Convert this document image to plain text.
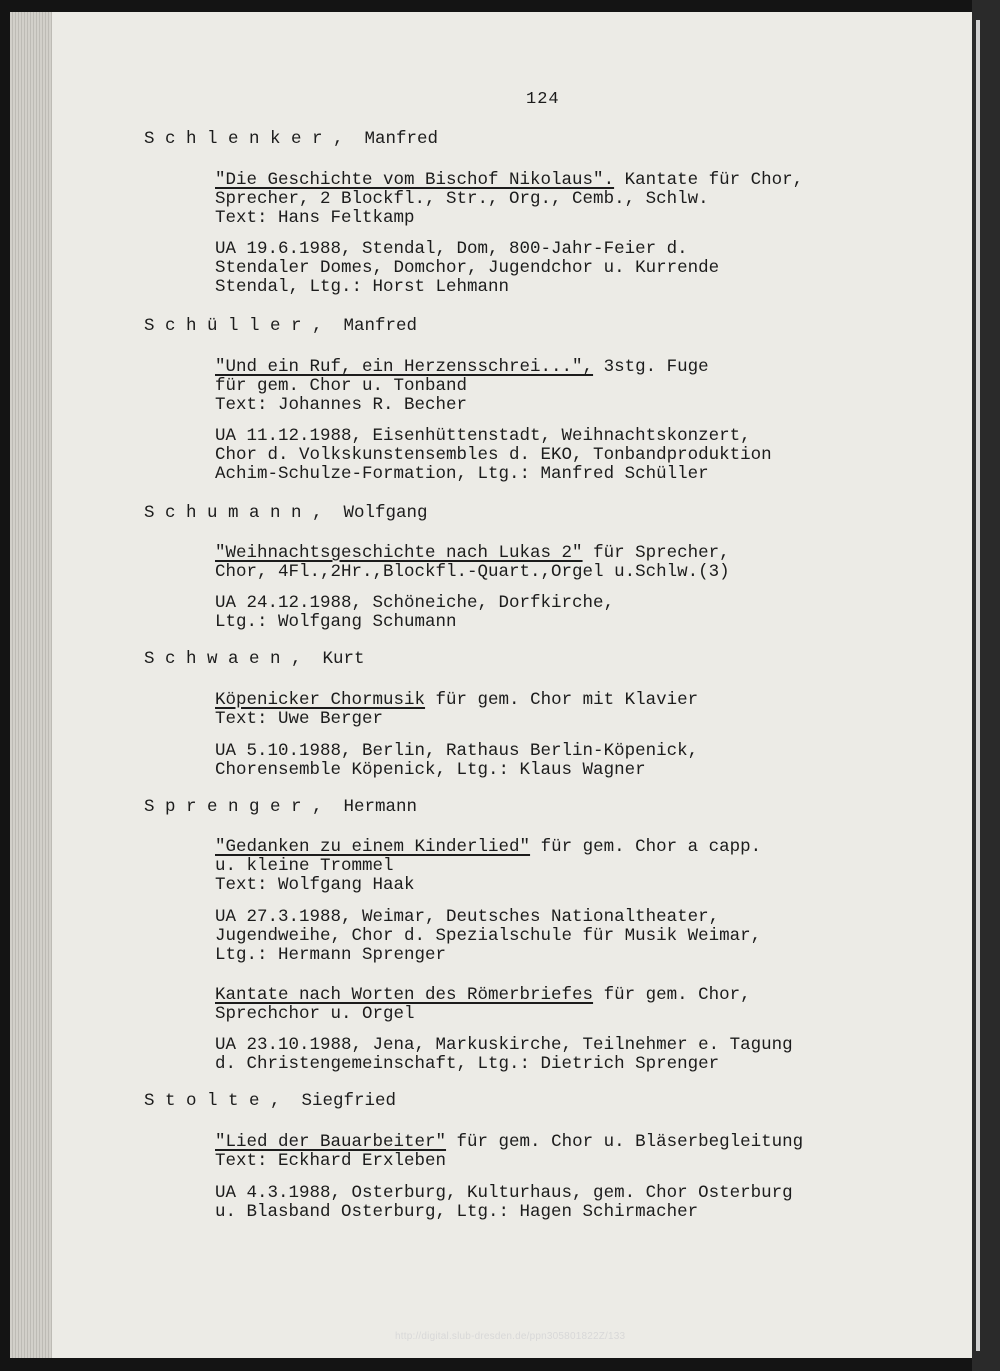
124
S c h l e n k e r ,  Manfred
"Die Geschichte vom Bischof Nikolaus". Kantate für Chor,
Sprecher, 2 Blockfl., Str., Org., Cemb., Schlw.
Text: Hans Feltkamp
UA 19.6.1988, Stendal, Dom, 800-Jahr-Feier d.
Stendaler Domes, Domchor, Jugendchor u. Kurrende
Stendal, Ltg.: Horst Lehmann
S c h ü l l e r ,  Manfred
"Und ein Ruf, ein Herzensschrei...", 3stg. Fuge
für gem. Chor u. Tonband
Text: Johannes R. Becher
UA 11.12.1988, Eisenhüttenstadt, Weihnachtskonzert,
Chor d. Volkskunstensembles d. EKO, Tonbandproduktion
Achim-Schulze-Formation, Ltg.: Manfred Schüller
S c h u m a n n ,  Wolfgang
"Weihnachtsgeschichte nach Lukas 2" für Sprecher,
Chor, 4Fl.,2Hr.,Blockfl.-Quart.,Orgel u.Schlw.(3)
UA 24.12.1988, Schöneiche, Dorfkirche,
Ltg.: Wolfgang Schumann
S c h w a e n ,  Kurt
Köpenicker Chormusik für gem. Chor mit Klavier
Text: Uwe Berger
UA 5.10.1988, Berlin, Rathaus Berlin-Köpenick,
Chorensemble Köpenick, Ltg.: Klaus Wagner
S p r e n g e r ,  Hermann
"Gedanken zu einem Kinderlied" für gem. Chor a capp.
u. kleine Trommel
Text: Wolfgang Haak
UA 27.3.1988, Weimar, Deutsches Nationaltheater,
Jugendweihe, Chor d. Spezialschule für Musik Weimar,
Ltg.: Hermann Sprenger
Kantate nach Worten des Römerbriefes für gem. Chor,
Sprechchor u. Orgel
UA 23.10.1988, Jena, Markuskirche, Teilnehmer e. Tagung
d. Christengemeinschaft, Ltg.: Dietrich Sprenger
S t o l t e ,  Siegfried
"Lied der Bauarbeiter" für gem. Chor u. Bläserbegleitung
Text: Eckhard Erxleben
UA 4.3.1988, Osterburg, Kulturhaus, gem. Chor Osterburg
u. Blasband Osterburg, Ltg.: Hagen Schirmacher
http://digital.slub-dresden.de/ppn305801822Z/133
